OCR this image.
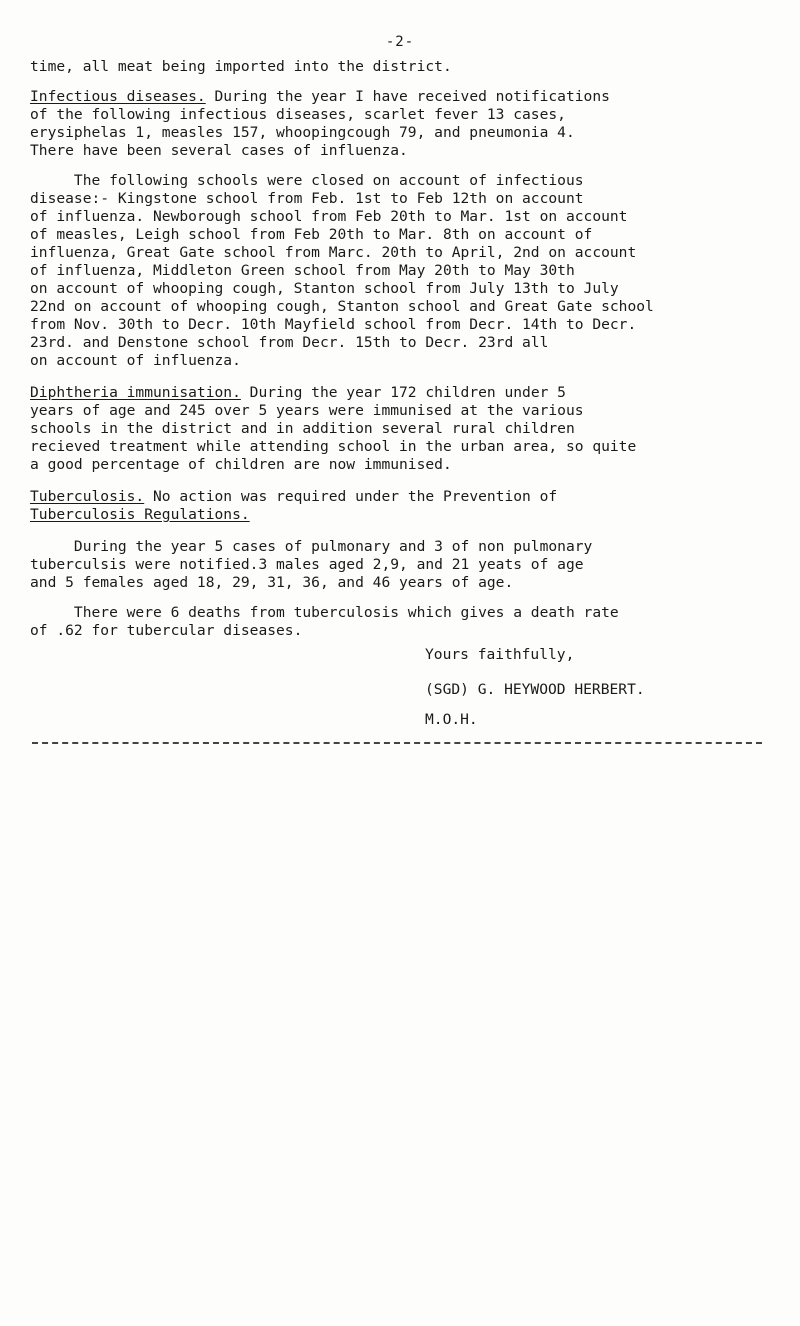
-2-
time, all meat being imported into the district.
Infectious diseases. During the year I have received notifications
of the following infectious diseases, scarlet fever 13 cases,
erysiphelas 1, measles 157, whoopingcough 79, and pneumonia 4.
There have been several cases of influenza.
The following schools were closed on account of infectious
disease:- Kingstone school from Feb. 1st to Feb 12th on account
of influenza. Newborough school from Feb 20th to Mar. 1st on account
of measles, Leigh school from Feb 20th to Mar. 8th on account of
influenza, Great Gate school from Marc. 20th to April, 2nd on account
of influenza, Middleton Green school from May 20th to May 30th
on account of whooping cough, Stanton school from July 13th to July
22nd on account of whooping cough, Stanton school and Great Gate school
from Nov. 30th to Decr. 10th Mayfield school from Decr. 14th to Decr.
23rd. and Denstone school from Decr. 15th to Decr. 23rd all
on account of influenza.
Diphtheria immunisation. During the year 172 children under 5
years of age and 245 over 5 years were immunised at the various
schools in the district and in addition several rural children
recieved treatment while attending school in the urban area, so quite
a good percentage of children are now immunised.
Tuberculosis. No action was required under the Prevention of
Tuberculosis Regulations.
During the year 5 cases of pulmonary and 3 of non pulmonary
tuberculsis were notified.3 males aged 2,9, and 21 yeats of age
and 5 females aged 18, 29, 31, 36, and 46 years of age.
There were 6 deaths from tuberculosis which gives a death rate
of .62 for tubercular diseases.
Yours faithfully,
(SGD) G. HEYWOOD HERBERT.
M.O.H.
